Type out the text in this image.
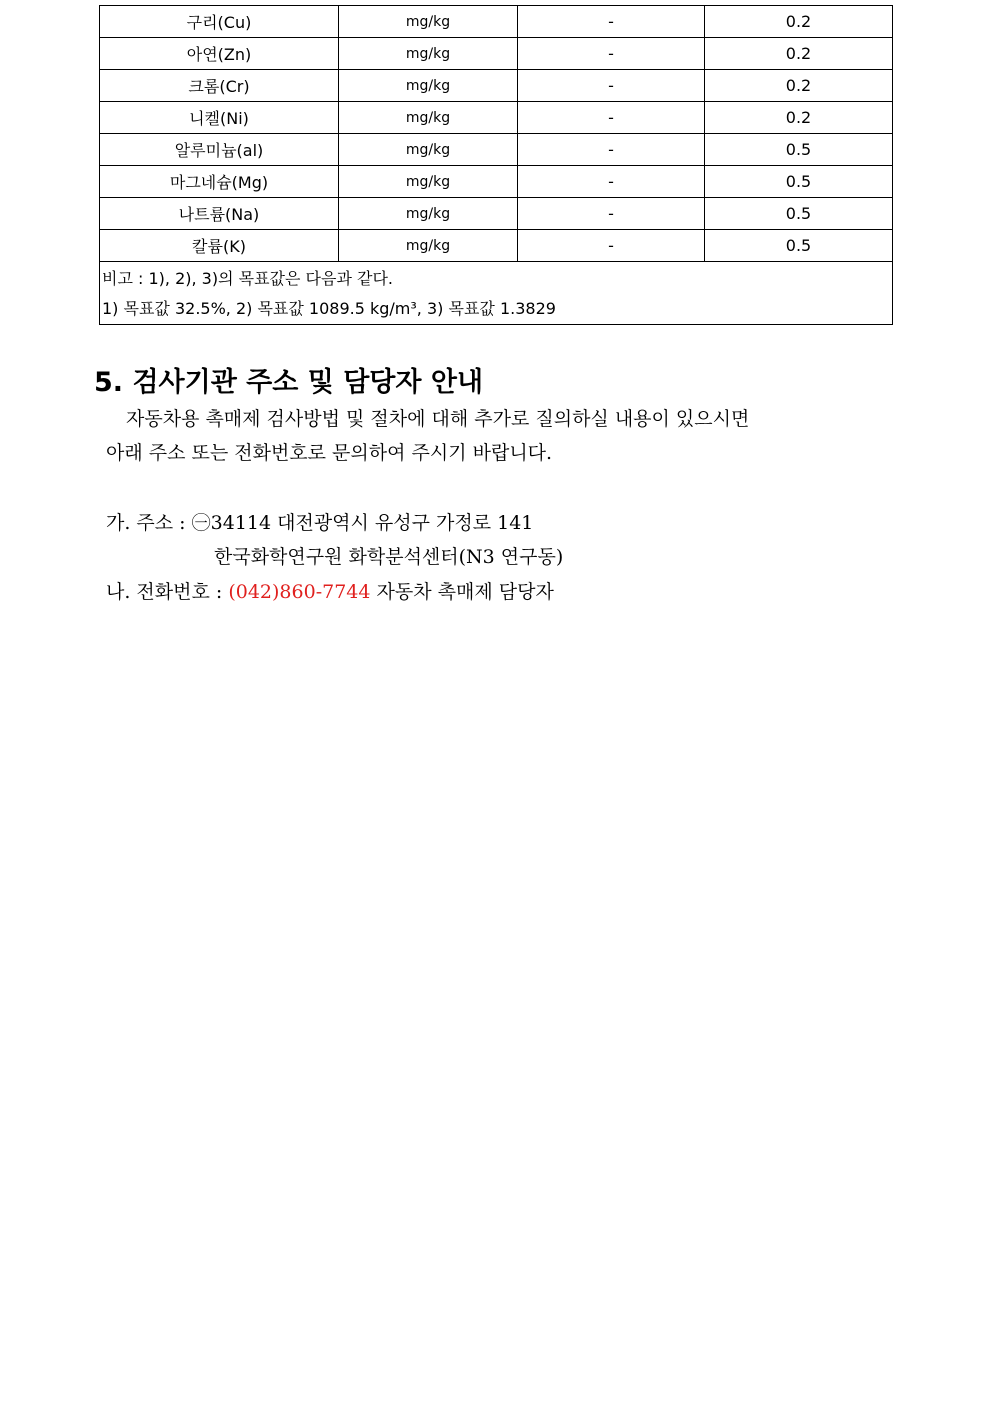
구리(Cu)	mg/kg	-	0.2
아연(Zn)	mg/kg	-	0.2
크롬(Cr)	mg/kg	-	0.2
니켈(Ni)	mg/kg	-	0.2
알루미늄(al)	mg/kg	-	0.5
마그네슘(Mg)	mg/kg	-	0.5
나트륨(Na)	mg/kg	-	0.5
칼륨(K)	mg/kg	-	0.5

비고 : 1), 2), 3)의 목표값은 다음과 같다.
1) 목표값 32.5%, 2) 목표값 1089.5 kg/m³, 3) 목표값 1.3829			
5. 검사기관 주소 및 담당자 안내
자동차용 촉매제 검사방법 및 절차에 대해 추가로 질의하실 내용이 있으시면
아래 주소 또는 전화번호로 문의하여 주시기 바랍니다.
가. 주소 : ㊀34114 대전광역시 유성구 가정로 141
한국화학연구원 화학분석센터(N3 연구동)
나. 전화번호 : (042)860-7744 자동차 촉매제 담당자
